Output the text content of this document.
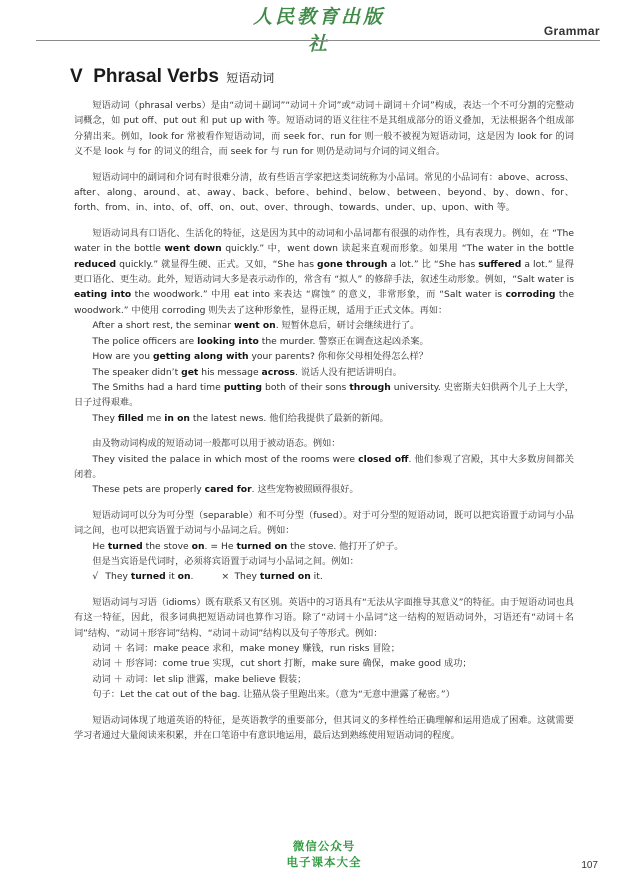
人民教育出版社
Grammar
V Phrasal Verbs 短语动词

短语动词（phrasal verbs）是由“动词＋副词”“动词＋介词”或“动词＋副词＋介词”构成，表达一个不可分割的完整动词概念，如 put off、put out 和 put up with 等。短语动词的语义往往不是其组成部分的语义叠加，无法根据各个组成部分猜出来。例如，look for 常被看作短语动词，而 seek for、run for 则一般不被视为短语动词，这是因为 look for 的词义不是 look 与 for 的词义的组合，而 seek for 与 run for 则仍是动词与介词的词义组合。

短语动词中的副词和介词有时很难分清，故有些语言学家把这类词统称为小品词。常见的小品词有：above、across、after、along、around、at、away、back、before、behind、below、between、beyond、by、down、for、forth、from、in、into、of、off、on、out、over、through、towards、under、up、upon、with 等。

短语动词具有口语化、生活化的特征，这是因为其中的动词和小品词都有很强的动作性，具有表现力。例如，在 “The water in the bottle went down quickly.” 中，went down 读起来直观而形象。如果用 “The water in the bottle reduced quickly.” 就显得生硬、正式。又如，“She has gone through a lot.” 比 “She has suffered a lot.” 显得更口语化、更生动。此外，短语动词大多是表示动作的，常含有 “拟人” 的修辞手法，叙述生动形象。例如，“Salt water is eating into the woodwork.” 中用 eat into 来表达 “腐蚀” 的意义，非常形象，而 “Salt water is corroding the woodwork.” 中使用 corroding 则失去了这种形象性，显得正规，适用于正式文体。再如：

After a short rest, the seminar went on. 短暂休息后，研讨会继续进行了。

The police officers are looking into the murder. 警察正在调查这起凶杀案。

How are you getting along with your parents? 你和你父母相处得怎么样？

The speaker didn’t get his message across. 说话人没有把话讲明白。

The Smiths had a hard time putting both of their sons through university. 史密斯夫妇供两个儿子上大学，日子过得艰难。

They filled me in on the latest news. 他们给我提供了最新的新闻。

由及物动词构成的短语动词一般都可以用于被动语态。例如：

They visited the palace in which most of the rooms were closed off. 他们参观了宫殿，其中大多数房间都关闭着。

These pets are properly cared for. 这些宠物被照顾得很好。

短语动词可以分为可分型（separable）和不可分型（fused）。对于可分型的短语动词，既可以把宾语置于动词与小品词之间，也可以把宾语置于动词与小品词之后。例如：

He turned the stove on. = He turned on the stove. 他打开了炉子。

但是当宾语是代词时，必须将宾语置于动词与小品词之间。例如：

√ They turned it on.	× They turned on it.

短语动词与习语（idioms）既有联系又有区别。英语中的习语具有“无法从字面推导其意义”的特征。由于短语动词也具有这一特征，因此，很多词典把短语动词也算作习语。除了“动词＋小品词”这一结构的短语动词外，习语还有“动词＋名词”结构、“动词＋形容词”结构、“动词＋动词”结构以及句子等形式。例如：

动词 ＋ 名词：make peace 求和，make money 赚钱，run risks 冒险；

动词 ＋ 形容词：come true 实现，cut short 打断，make sure 确保，make good 成功；

动词 ＋ 动词：let slip 泄露，make believe 假装；

句子：Let the cat out of the bag. 让猫从袋子里跑出来。（意为“无意中泄露了秘密。”）

短语动词体现了地道英语的特征，是英语教学的重要部分，但其词义的多样性给正确理解和运用造成了困难。这就需要学习者通过大量阅读来积累，并在口笔语中有意识地运用，最后达到熟练使用短语动词的程度。

微信公众号
电子课本大全	107
